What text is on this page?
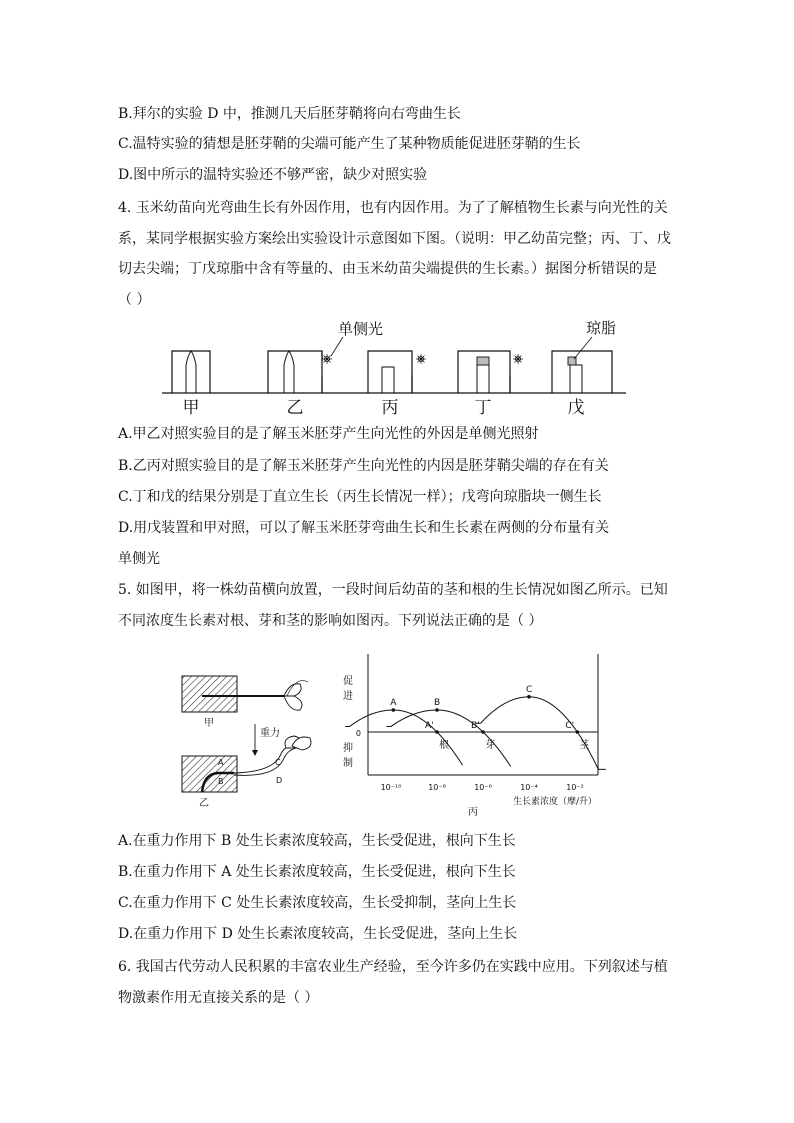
B.拜尔的实验 D 中，推测几天后胚芽鞘将向右弯曲生长
C.温特实验的猜想是胚芽鞘的尖端可能产生了某种物质能促进胚芽鞘的生长
D.图中所示的温特实验还不够严密，缺少对照实验
4. 玉米幼苗向光弯曲生长有外因作用，也有内因作用。为了了解植物生长素与向光性的关
系，某同学根据实验方案绘出实验设计示意图如下图。（说明：甲乙幼苗完整；丙、丁、戊
切去尖端；丁戊琼脂中含有等量的、由玉米幼苗尖端提供的生长素。）据图分析错误的是
（ ）
单侧光	琼脂
甲	乙	丙	丁	戊
A.甲乙对照实验目的是了解玉米胚芽产生向光性的外因是单侧光照射
B.乙丙对照实验目的是了解玉米胚芽产生向光性的内因是胚芽鞘尖端的存在有关
C.丁和戊的结果分别是丁直立生长（丙生长情况一样）；戊弯向琼脂块一侧生长
D.用戊装置和甲对照，可以了解玉米胚芽弯曲生长和生长素在两侧的分布量有关
单侧光
5. 如图甲，将一株幼苗横向放置，一段时间后幼苗的茎和根的生长情况如图乙所示。已知
不同浓度生长素对根、芽和茎的影响如图丙。下列说法正确的是（ ）
甲
重力
A
B
C
D
乙
0
促
进
抑
制
A
A'
根
B
B'
芽
C
C'
茎
10⁻¹⁰	10⁻⁸	10⁻⁶	10⁻⁴	10⁻²
生长素浓度（摩/升）
丙
A.在重力作用下 B 处生长素浓度较高，生长受促进，根向下生长
B.在重力作用下 A 处生长素浓度较高，生长受促进，根向下生长
C.在重力作用下 C 处生长素浓度较高，生长受抑制，茎向上生长
D.在重力作用下 D 处生长素浓度较高，生长受促进，茎向上生长
6. 我国古代劳动人民积累的丰富农业生产经验，至今许多仍在实践中应用。下列叙述与植
物激素作用无直接关系的是（ ）
